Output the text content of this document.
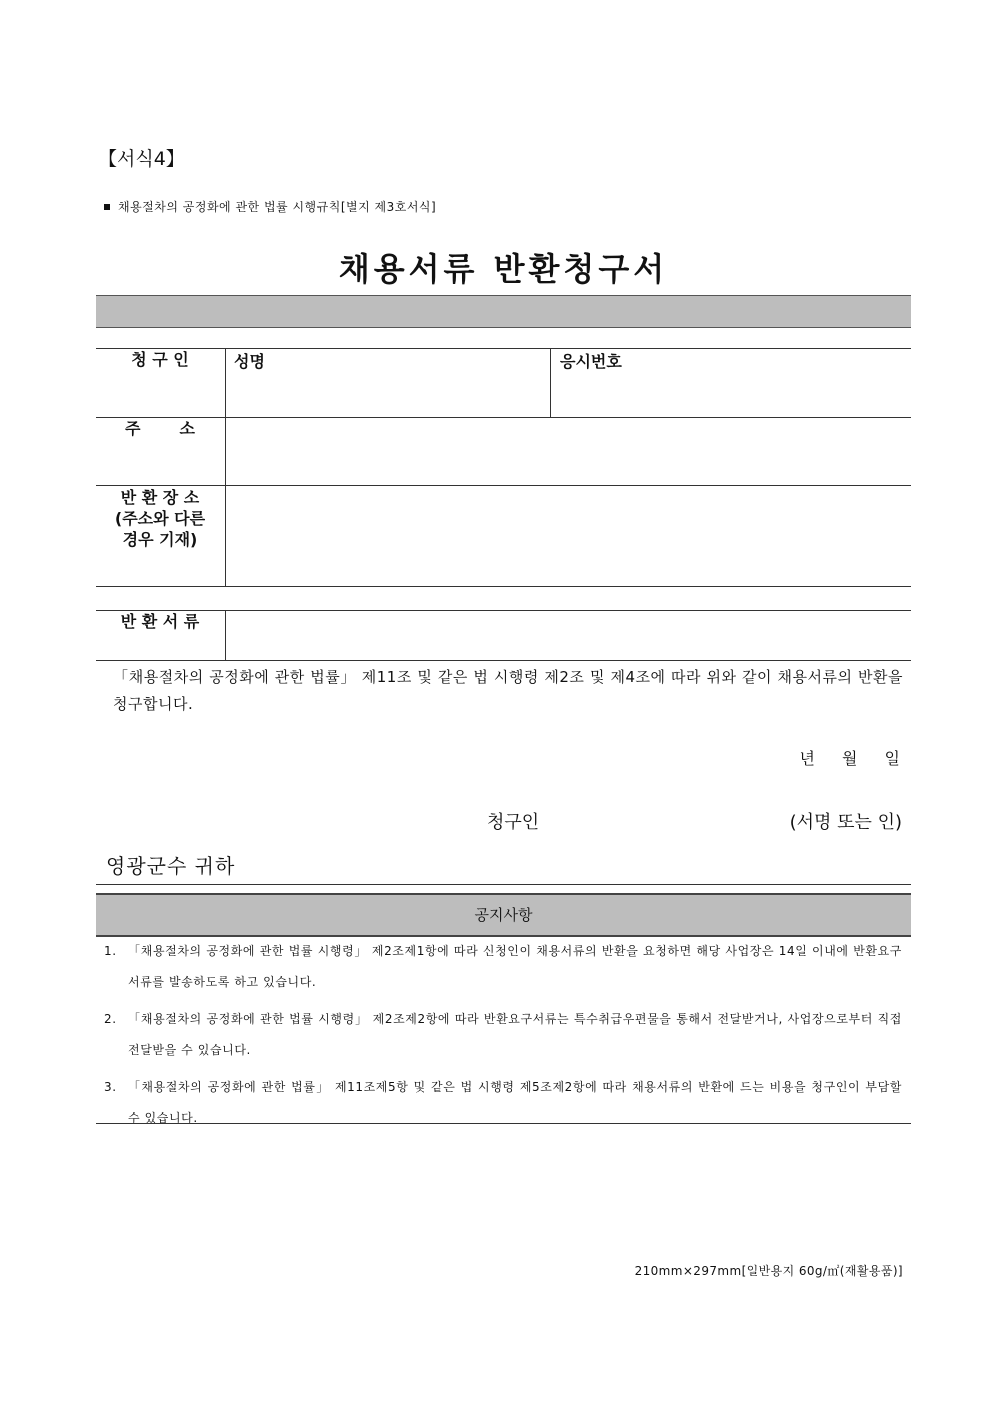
【서식4】
채용절차의 공정화에 관한 법률 시행규칙[별지 제3호서식]
채용서류 반환청구서
청 구 인	성명	응시번호
주       소
반 환 장 소
(주소와 다른
경우 기재)
반 환 서 류
「채용절차의 공정화에 관한 법률」 제11조 및 같은 법 시행령 제2조 및 제4조에 따라 위와 같이 채용서류의 반환을 청구합니다.
년 월 일
청구인	(서명 또는 인)
영광군수 귀하
공지사항
1. 「채용절차의 공정화에 관한 법률 시행령」 제2조제1항에 따라 신청인이 채용서류의 반환을 요청하면 해당 사업장은 14일 이내에 반환요구서류를 발송하도록 하고 있습니다.
2. 「채용절차의 공정화에 관한 법률 시행령」 제2조제2항에 따라 반환요구서류는 특수취급우편물을 통해서 전달받거나, 사업장으로부터 직접 전달받을 수 있습니다.
3. 「채용절차의 공정화에 관한 법률」 제11조제5항 및 같은 법 시행령 제5조제2항에 따라 채용서류의 반환에 드는 비용을 청구인이 부담할 수 있습니다.
210mm×297mm[일반용지 60g/㎡(재활용품)]
